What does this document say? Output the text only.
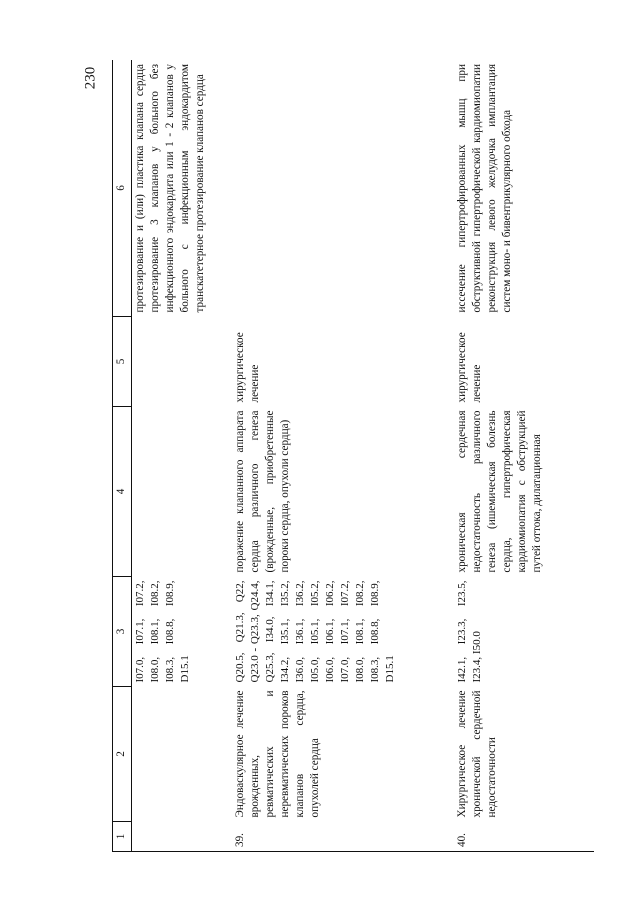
230
1	2	3	4	5	6
		I07.0, I07.1, I07.2, I08.0, I08.1, I08.2, I08.3, I08.8, I08.9, D15.1			протезирование и (или) пластика клапана сердца протезирование 3 клапанов у больного без инфекционного эндокардита или 1 - 2 клапанов у больного с инфекционным эндокардитом транскатетерное протезирование клапанов сердца
39.	Эндоваскулярное лечение врожденных, ревматических и неревматических пороков клапанов сердца, опухолей сердца	Q20.5, Q21.3, Q22, Q23.0 - Q23.3, Q24.4, Q25.3, I34.0, I34.1, I34.2, I35.1, I35.2, I36.0, I36.1, I36.2, I05.0, I05.1, I05.2, I06.0, I06.1, I06.2, I07.0, I07.1, I07.2, I08.0, I08.1, I08.2, I08.3, I08.8, I08.9, D15.1	поражение клапанного аппарата сердца различного генеза (врожденные, приобретенные пороки сердца, опухоли сердца)	хирургическое лечение	
40.	Хирургическое лечение хронической сердечной недостаточности	I42.1, I23.3, I23.5, I23.4, I50.0	хроническая сердечная недостаточность различного генеза (ишемическая болезнь сердца, гипертрофическая кардиомиопатия с обструкцией путей оттока, дилатационная	хирургическое лечение	иссечение гипертрофированных мышц при обструктивной гипертрофической кардиомиопатии реконструкция левого желудочка имплантация систем моно- и бивентрикулярного обхода
